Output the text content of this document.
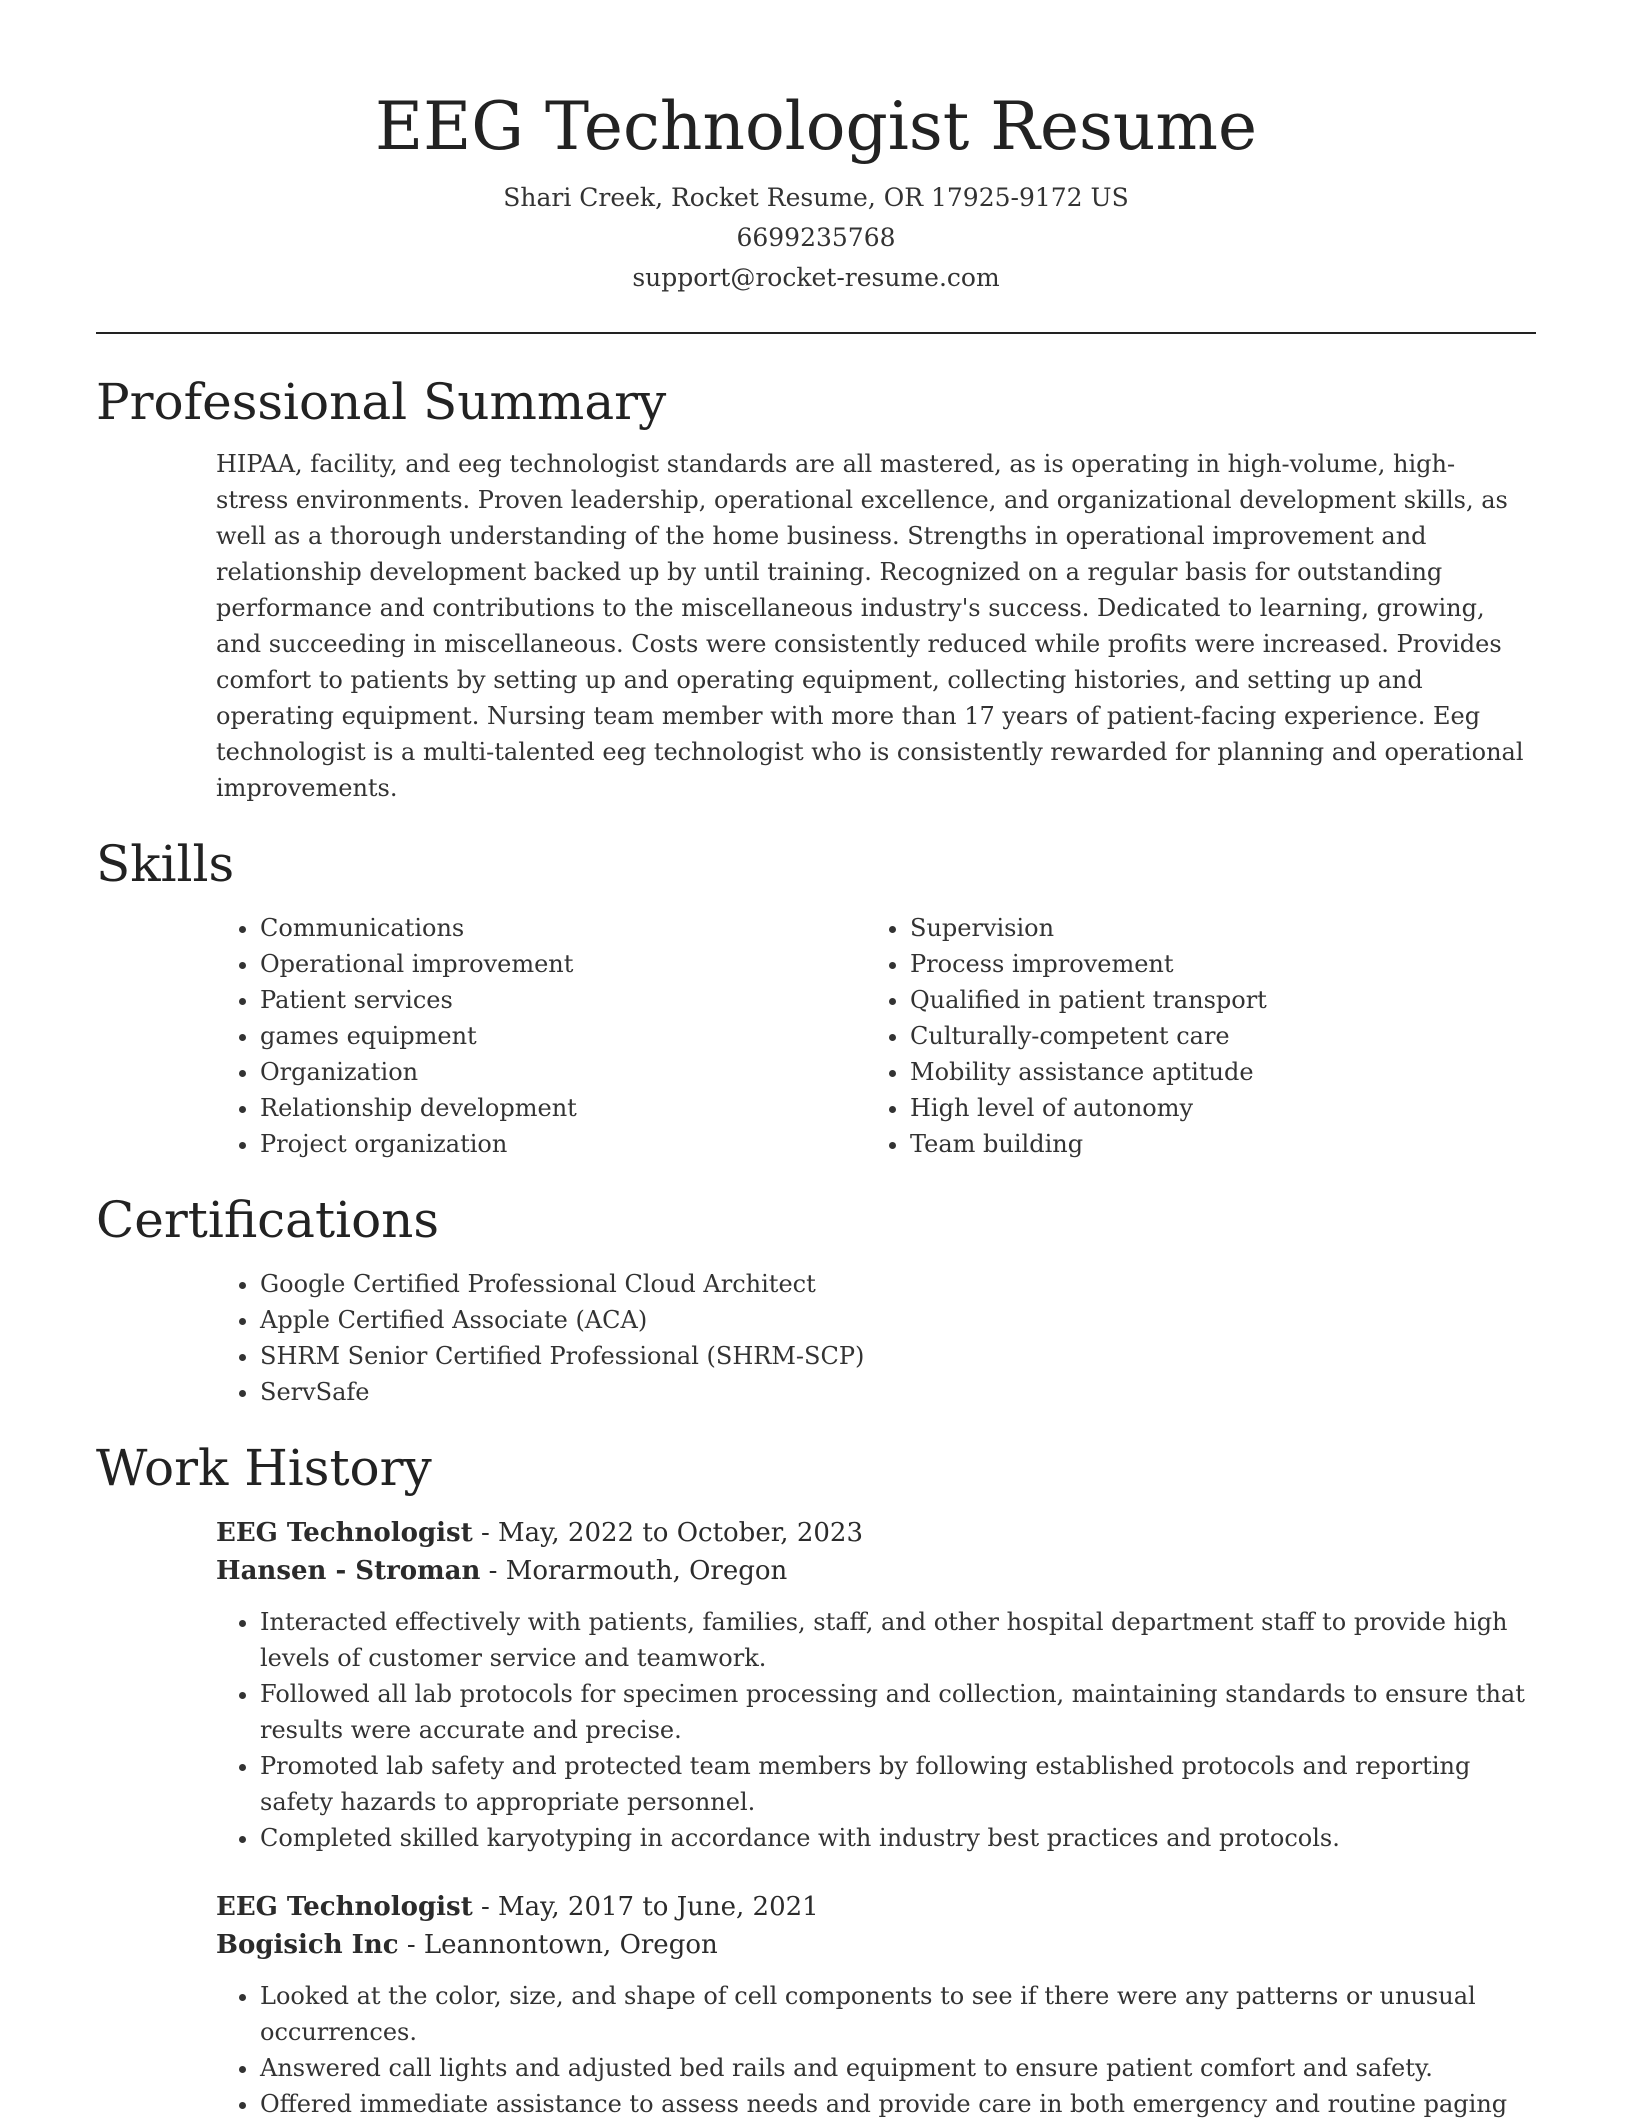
EEG Technologist Resume

Shari Creek, Rocket Resume, OR 17925-9172 US

6699235768

support@rocket-resume.com

Professional Summary

HIPAA, facility, and eeg technologist standards are all mastered, as is operating in high-volume, high-stress environments. Proven leadership, operational excellence, and organizational development skills, as well as a thorough understanding of the home business. Strengths in operational improvement and relationship development backed up by until training. Recognized on a regular basis for outstanding performance and contributions to the miscellaneous industry's success. Dedicated to learning, growing, and succeeding in miscellaneous. Costs were consistently reduced while profits were increased. Provides comfort to patients by setting up and operating equipment, collecting histories, and setting up and operating equipment. Nursing team member with more than 17 years of patient-facing experience. Eeg technologist is a multi-talented eeg technologist who is consistently rewarded for planning and operational improvements.

Skills
• Communications
• Operational improvement
• Patient services
• games equipment
• Organization
• Relationship development
• Project organization
• Supervision
• Process improvement
• Qualified in patient transport
• Culturally-competent care
• Mobility assistance aptitude
• High level of autonomy
• Team building
Certifications
• Google Certified Professional Cloud Architect
• Apple Certified Associate (ACA)
• SHRM Senior Certified Professional (SHRM-SCP)
• ServSafe
Work History

EEG Technologist - May, 2022 to October, 2023

Hansen - Stroman - Morarmouth, Oregon

• Interacted effectively with patients, families, staff, and other hospital department staff to provide high levels of customer service and teamwork.
• Followed all lab protocols for specimen processing and collection, maintaining standards to ensure that results were accurate and precise.
• Promoted lab safety and protected team members by following established protocols and reporting safety hazards to appropriate personnel.
• Completed skilled karyotyping in accordance with industry best practices and protocols.

EEG Technologist - May, 2017 to June, 2021

Bogisich Inc - Leannontown, Oregon

• Looked at the color, size, and shape of cell components to see if there were any patterns or unusual occurrences.
• Answered call lights and adjusted bed rails and equipment to ensure patient comfort and safety.
• Offered immediate assistance to assess needs and provide care in both emergency and routine paging
